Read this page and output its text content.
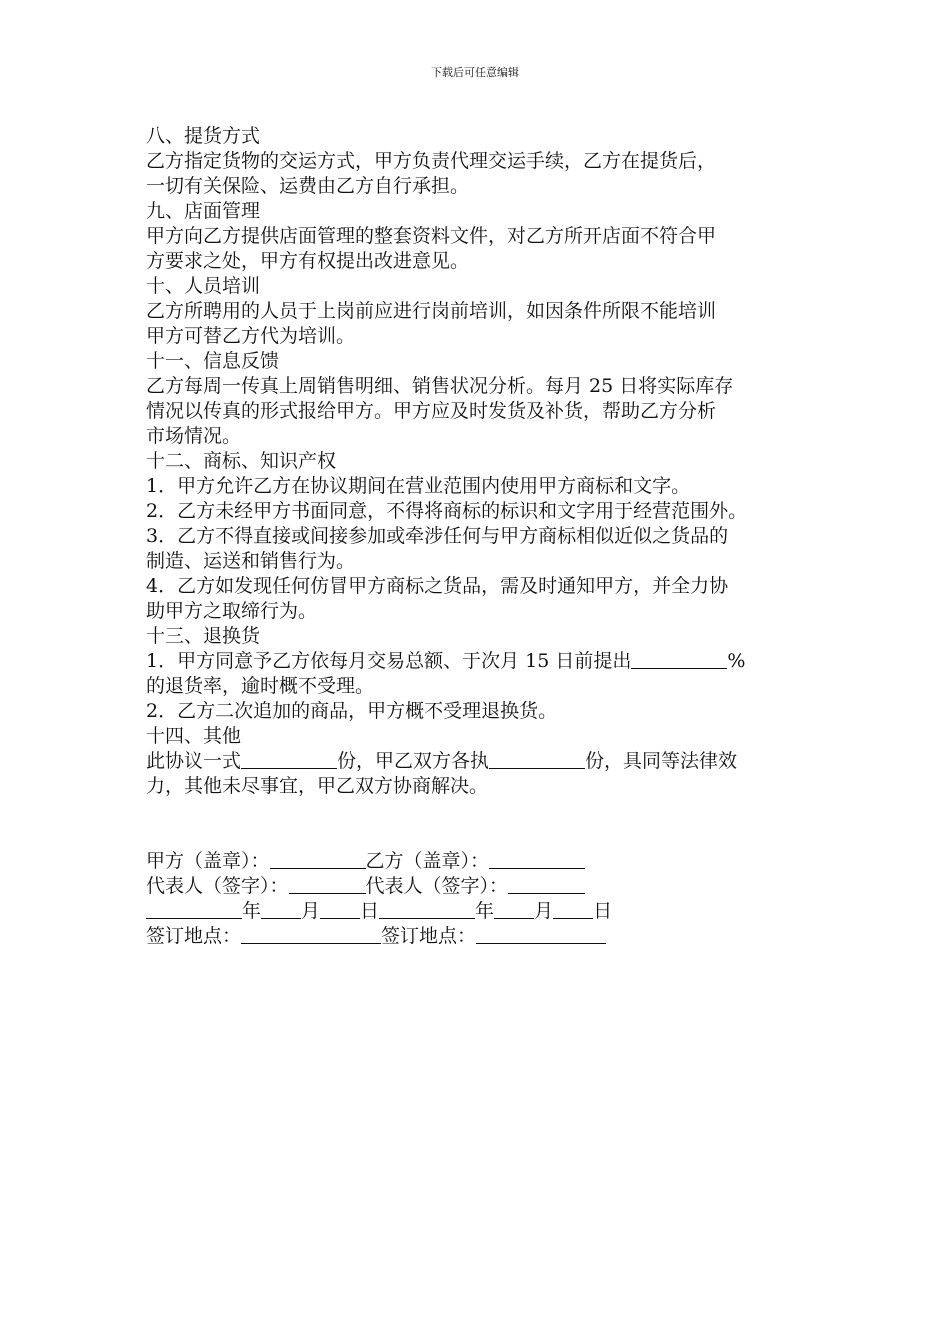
下载后可任意编辑
八、提货方式
乙方指定货物的交运方式，甲方负责代理交运手续，乙方在提货后，
一切有关保险、运费由乙方自行承担。
九、店面管理
甲方向乙方提供店面管理的整套资料文件，对乙方所开店面不符合甲
方要求之处，甲方有权提出改进意见。
十、人员培训
乙方所聘用的人员于上岗前应进行岗前培训，如因条件所限不能培训
甲方可替乙方代为培训。
十一、信息反馈
乙方每周一传真上周销售明细、销售状况分析。每月 25 日将实际库存
情况以传真的形式报给甲方。甲方应及时发货及补货，帮助乙方分析
市场情况。
十二、商标、知识产权
1．甲方允许乙方在协议期间在营业范围内使用甲方商标和文字。
2．乙方未经甲方书面同意，不得将商标的标识和文字用于经营范围外。
3．乙方不得直接或间接参加或牵涉任何与甲方商标相似近似之货品的
制造、运送和销售行为。
4．乙方如发现任何仿冒甲方商标之货品，需及时通知甲方，并全力协
助甲方之取缔行为。
十三、退换货
1．甲方同意予乙方依每月交易总额、于次月 15 日前提出	%
的退货率，逾时概不受理。
2．乙方二次追加的商品，甲方概不受理退换货。
十四、其他
此协议一式	份，甲乙双方各执	份，具同等法律效
力，其他未尽事宜，甲乙双方协商解决。
甲方（盖章）：	乙方（盖章）：
代表人（签字）：	代表人（签字）：
年 月 日	年 月 日
签订地点：	签订地点：
